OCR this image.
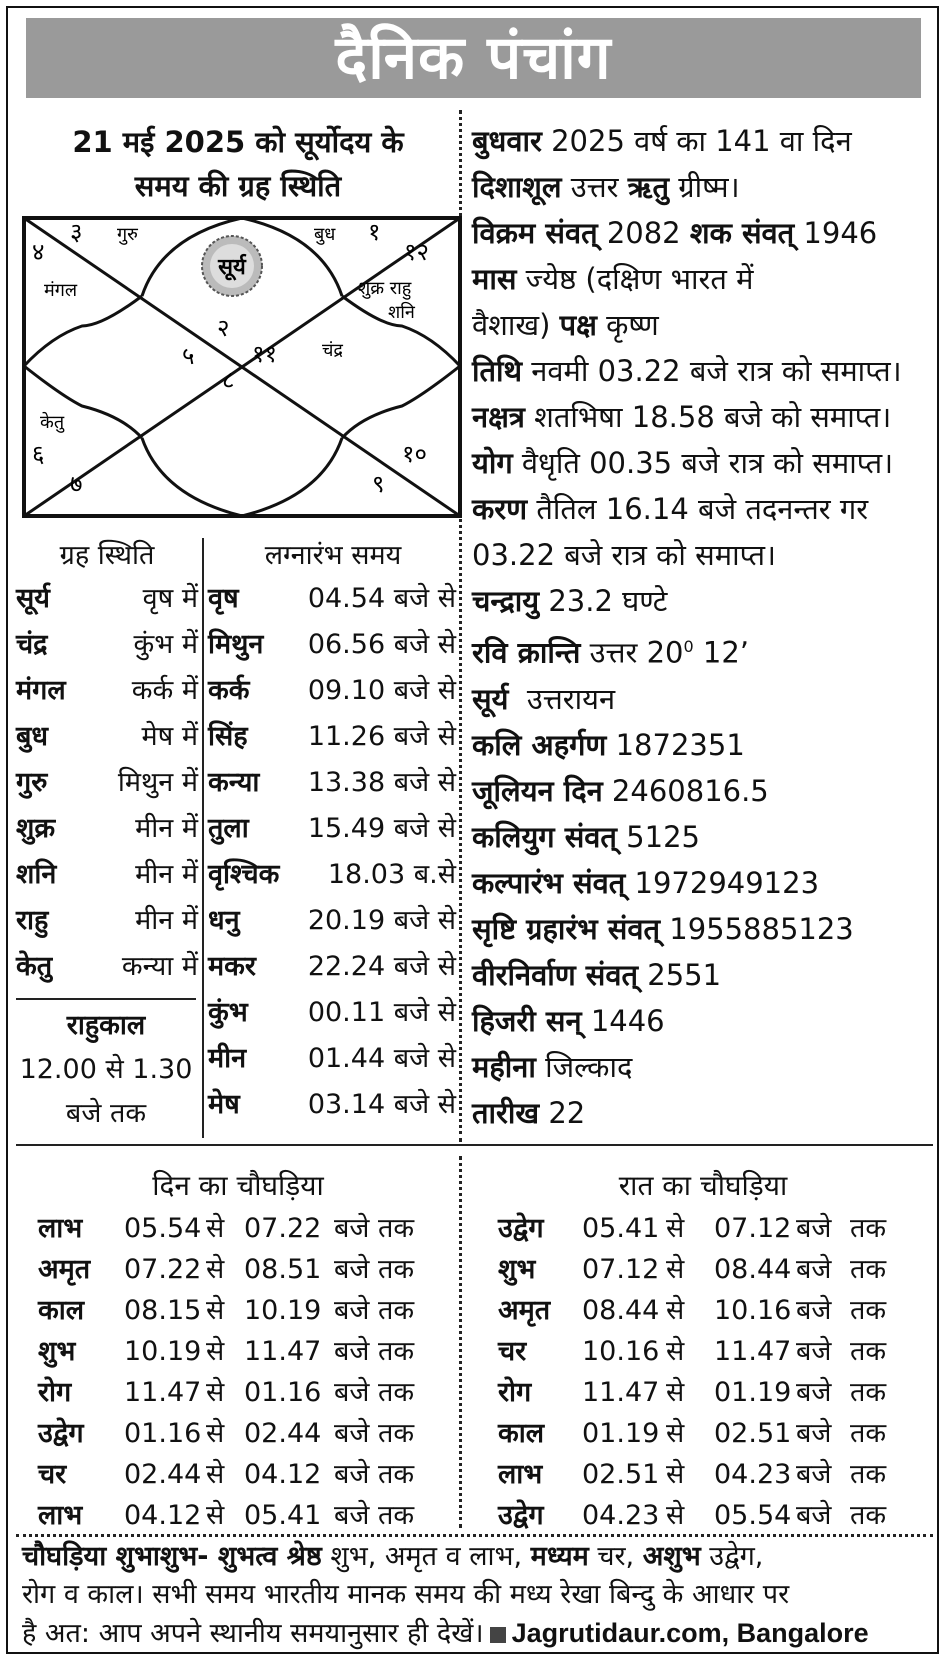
दैनिक पंचांग
21 मई 2025 को सूर्योदय के
समय की ग्रह स्थिति
सूर्य
३ गुरु	बुध १
४	१२
मंगल	शुक्र राहु
शनि
२
५ ११	चंद्र
८
केतु
६	१०
७	९
ग्रह स्थिति
सूर्य	वृष में
चंद्र	कुंभ में
मंगल कर्क में
बुध	मेष में
गुरु	मिथुन में
शुक्र	मीन में
शनि	मीन में
राहु	मीन में
केतु	कन्या में
राहुकाल
12.00 से 1.30
बजे तक
लग्नारंभ समय
वृष	04.54 बजे से
मिथुन 06.56 बजे से
कर्क 09.10 बजे से
सिंह 11.26 बजे से
कन्या 13.38 बजे से
तुला 15.49 बजे से
वृश्चिक 18.03 ब.से
धनु	20.19 बजे से
मकर 22.24 बजे से
कुंभ 00.11 बजे से
मीन 01.44 बजे से
मेष	03.14 बजे से
बुधवार 2025 वर्ष का 141 वा दिन
दिशाशूल उत्तर ऋतु ग्रीष्म।
विक्रम संवत् 2082 शक संवत् 1946
मास ज्येष्ठ (दक्षिण भारत में
वैशाख) पक्ष कृष्ण
तिथि नवमी 03.22 बजे रात्र को समाप्त।
नक्षत्र शतभिषा 18.58 बजे को समाप्त।
योग वैधृति 00.35 बजे रात्र को समाप्त।
करण तैतिल 16.14 बजे तदनन्तर गर
03.22 बजे रात्र को समाप्त।
चन्द्रायु 23.2 घण्टे
रवि क्रान्ति उत्तर $20^0$ 12’
सूर्य  उत्तरायन
कलि अहर्गण 1872351
जूलियन दिन 2460816.5
कलियुग संवत् 5125
कल्पारंभ संवत् 1972949123
सृष्टि ग्रहारंभ संवत् 1955885123
वीरनिर्वाण संवत् 2551
हिजरी सन् 1446
महीना जिल्काद
तारीख 22
दिन का चौघड़िया
लाभ 05.54 से 07.22 बजे तक
अमृत 07.22 से 08.51 बजे तक
काल 08.15 से 10.19 बजे तक
शुभ 10.19 से 11.47 बजे तक
रोग 11.47 से 01.16 बजे तक
उद्वेग 01.16 से 02.44 बजे तक
चर 02.44 से 04.12 बजे तक
लाभ 04.12 से 05.41 बजे तक
रात का चौघड़िया
उद्वेग 05.41 से 07.12 बजे तक
शुभ 07.12 से 08.44 बजे तक
अमृत 08.44 से 10.16 बजे तक
चर 10.16 से 11.47 बजे तक
रोग 11.47 से 01.19 बजे तक
काल 01.19 से 02.51 बजे तक
लाभ 02.51 से 04.23 बजे तक
उद्वेग 04.23 से 05.54 बजे तक
चौघड़िया शुभाशुभ- शुभत्व श्रेष्ठ शुभ, अमृत व लाभ, मध्यम चर, अशुभ उद्वेग,
रोग व काल। सभी समय भारतीय मानक समय की मध्य रेखा बिन्दु के आधार पर
है अत: आप अपने स्थानीय समयानुसार ही देखें। Jagrutidaur.com, Bangalore
